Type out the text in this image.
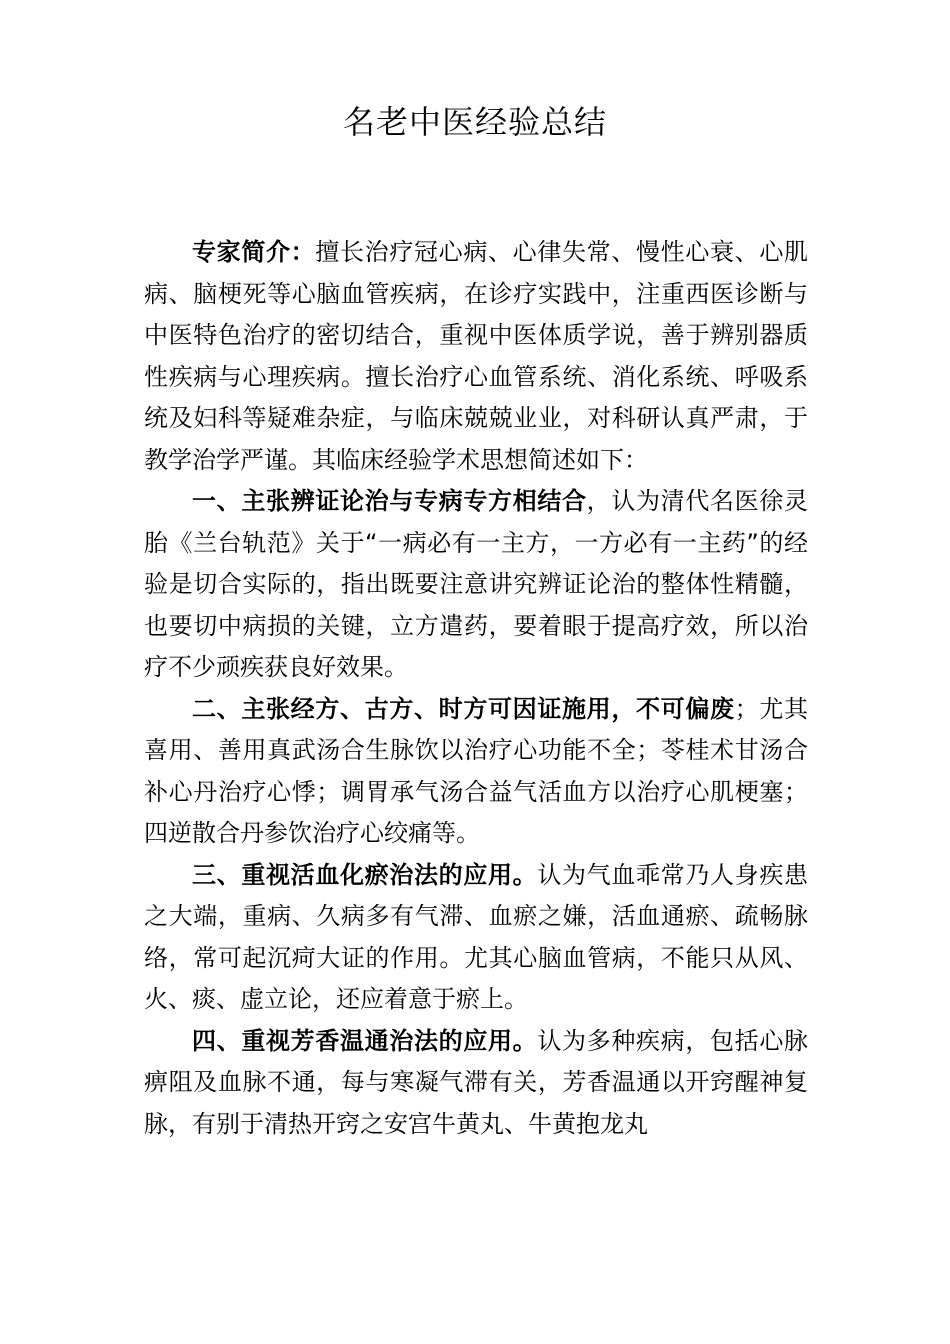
名老中医经验总结

专家简介：擅长治疗冠心病、心律失常、慢性心衰、心肌病、脑梗死等心脑血管疾病，在诊疗实践中，注重西医诊断与中医特色治疗的密切结合，重视中医体质学说，善于辨别器质性疾病与心理疾病。擅长治疗心血管系统、消化系统、呼吸系统及妇科等疑难杂症，与临床兢兢业业，对科研认真严肃，于教学治学严谨。其临床经验学术思想简述如下：

一、主张辨证论治与专病专方相结合，认为清代名医徐灵胎《兰台轨范》关于“一病必有一主方，一方必有一主药”的经验是切合实际的，指出既要注意讲究辨证论治的整体性精髓，也要切中病损的关键，立方遣药，要着眼于提高疗效，所以治疗不少顽疾获良好效果。

二、主张经方、古方、时方可因证施用，不可偏废；尤其喜用、善用真武汤合生脉饮以治疗心功能不全；苓桂术甘汤合补心丹治疗心悸；调胃承气汤合益气活血方以治疗心肌梗塞；四逆散合丹参饮治疗心绞痛等。

三、重视活血化瘀治法的应用。认为气血乖常乃人身疾患之大端，重病、久病多有气滞、血瘀之嫌，活血通瘀、疏畅脉络，常可起沉疴大证的作用。尤其心脑血管病，不能只从风、火、痰、虚立论，还应着意于瘀上。

四、重视芳香温通治法的应用。认为多种疾病，包括心脉痹阻及血脉不通，每与寒凝气滞有关，芳香温通以开窍醒神复脉，有别于清热开窍之安宫牛黄丸、牛黄抱龙丸
